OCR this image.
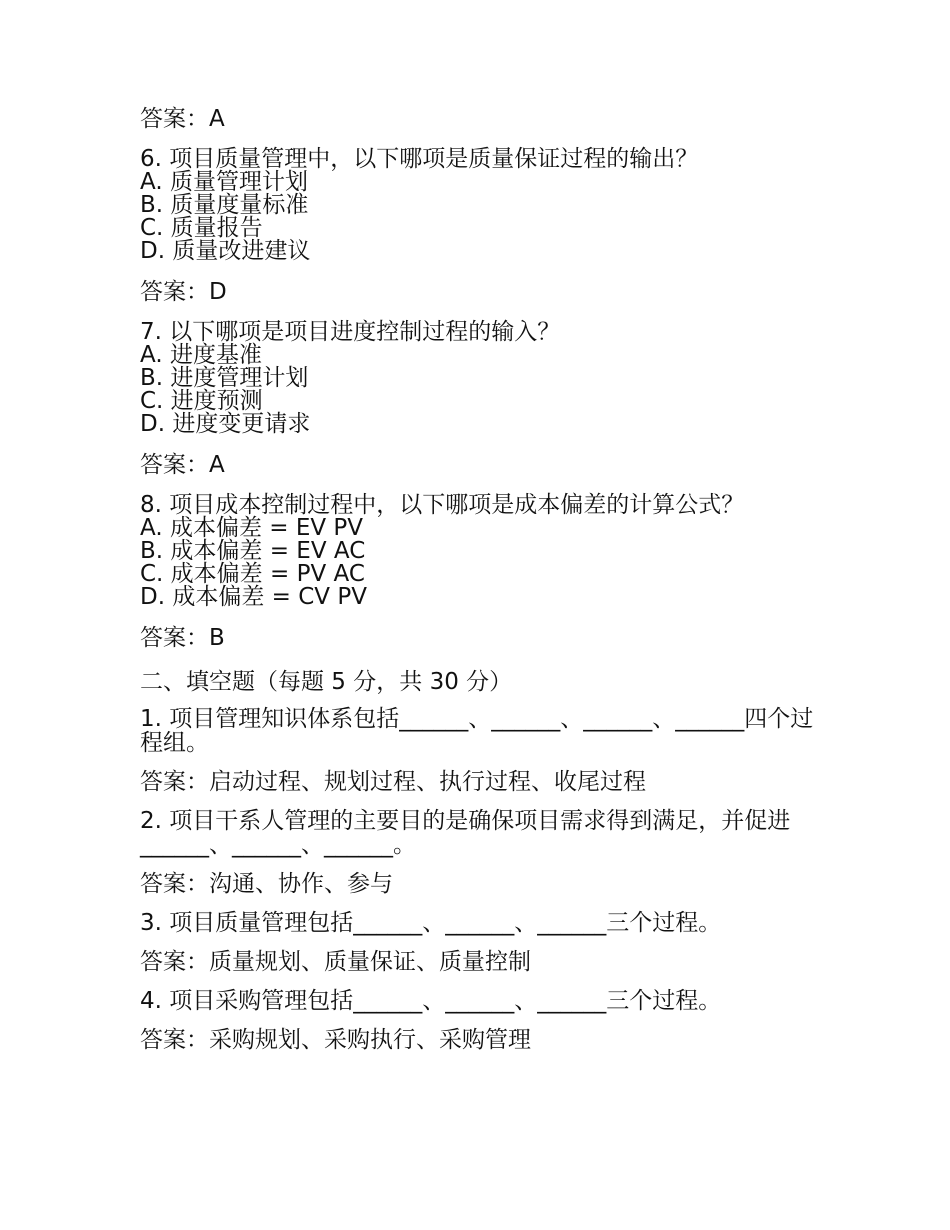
答案：A

6. 项目质量管理中，以下哪项是质量保证过程的输出？

A. 质量管理计划

B. 质量度量标准

C. 质量报告

D. 质量改进建议

答案：D

7. 以下哪项是项目进度控制过程的输入？

A. 进度基准

B. 进度管理计划

C. 进度预测

D. 进度变更请求

答案：A

8. 项目成本控制过程中，以下哪项是成本偏差的计算公式？

A. 成本偏差 = EV PV

B. 成本偏差 = EV AC

C. 成本偏差 = PV AC

D. 成本偏差 = CV PV

答案：B

二、填空题（每题 5 分，共 30 分）

1. 项目管理知识体系包括______、______、______、______四个过程组。

答案：启动过程、规划过程、执行过程、收尾过程

2. 项目干系人管理的主要目的是确保项目需求得到满足，并促进______、______、______。

答案：沟通、协作、参与

3. 项目质量管理包括______、______、______三个过程。

答案：质量规划、质量保证、质量控制

4. 项目采购管理包括______、______、______三个过程。

答案：采购规划、采购执行、采购管理
